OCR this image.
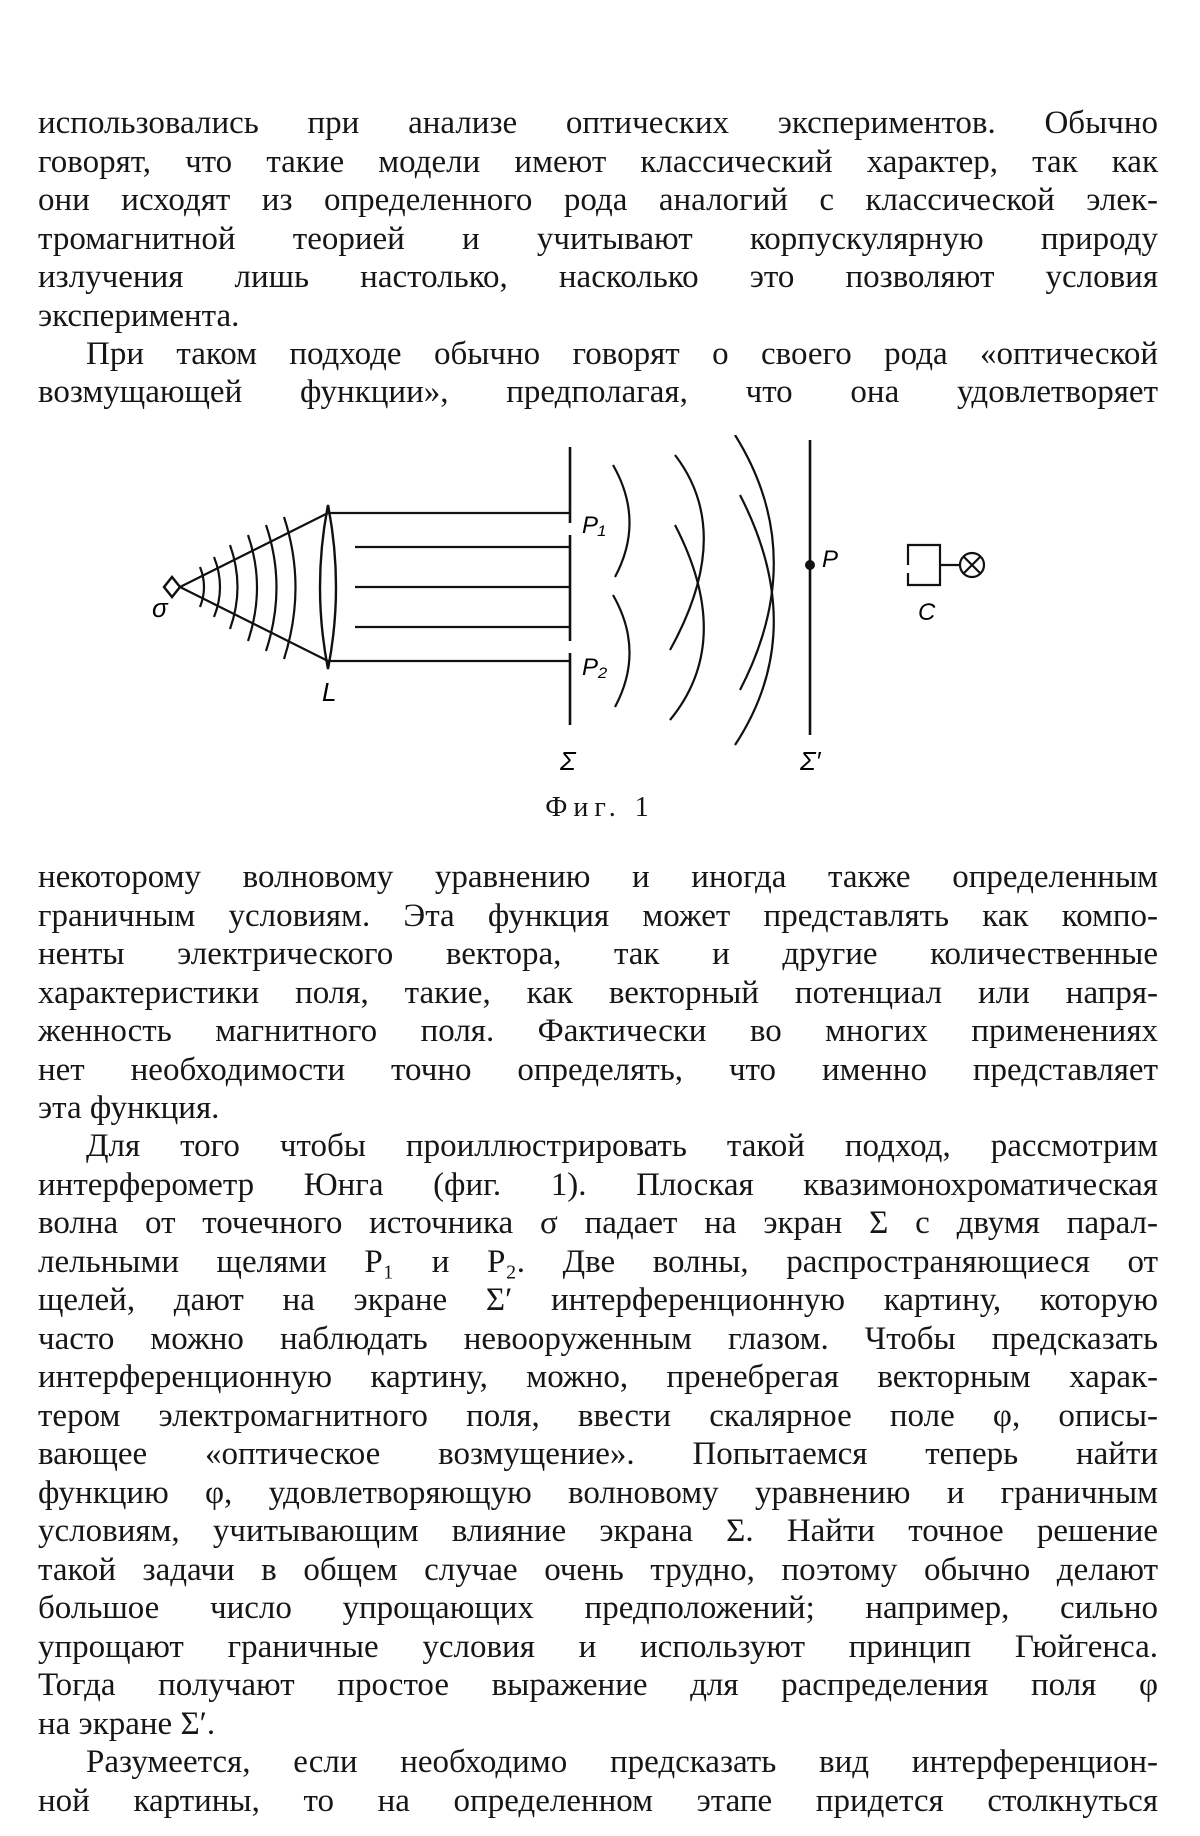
использовались при анализе оптических экспериментов. Обычно
говорят, что такие модели имеют классический характер, так как
они исходят из определенного рода аналогий с классической элек-
тромагнитной теорией и учитывают корпускулярную природу
излучения лишь настолько, насколько это позволяют условия
эксперимента.

При таком подходе обычно говорят о своего рода «оптической

возмущающей функции», предполагая, что она удовлетворяет

σ
L
P₁
P₂
P
C
Σ	Σ′
Фиг. 1

некоторому волновому уравнению и иногда также определенным
граничным условиям. Эта функция может представлять как компо-
ненты электрического вектора, так и другие количественные
характеристики поля, такие, как векторный потенциал или напря-
женность магнитного поля. Фактически во многих применениях
нет необходимости точно определять, что именно представляет
эта функция.

Для того чтобы проиллюстрировать такой подход, рассмотрим

интерферометр Юнга (фиг. 1). Плоская квазимонохроматическая
волна от точечного источника σ падает на экран Σ с двумя парал-
лельными щелями P₁ и P₂. Две волны, распространяющиеся от
щелей, дают на экране Σ′ интерференционную картину, которую
часто можно наблюдать невооруженным глазом. Чтобы предсказать
интерференционную картину, можно, пренебрегая векторным харак-
тером электромагнитного поля, ввести скалярное поле φ, описы-
вающее «оптическое возмущение». Попытаемся теперь найти
функцию φ, удовлетворяющую волновому уравнению и граничным
условиям, учитывающим влияние экрана Σ. Найти точное решение
такой задачи в общем случае очень трудно, поэтому обычно делают
большое число упрощающих предположений; например, сильно
упрощают граничные условия и используют принцип Гюйгенса.
Тогда получают простое выражение для распределения поля φ
на экране Σ′.

Разумеется, если необходимо предсказать вид интерференцион-

ной картины, то на определенном этапе придется столкнуться
